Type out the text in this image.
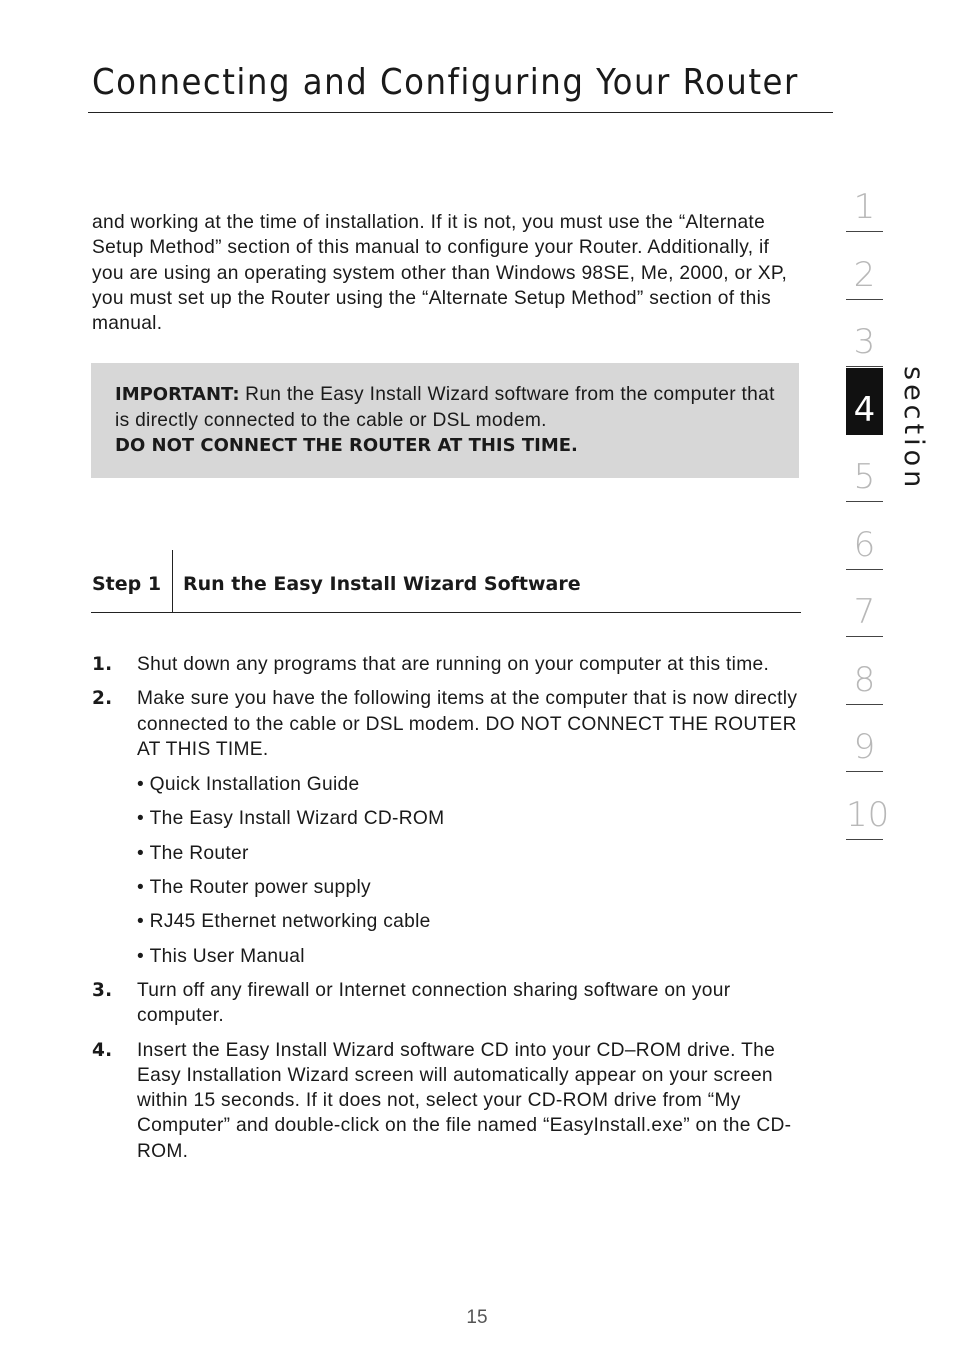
Connecting and Configuring Your Router

and working at the time of installation. If it is not, you must use the “Alternate Setup Method” section of this manual to configure your Router. Additionally, if you are using an operating system other than Windows 98SE, Me, 2000, or XP, you must set up the Router using the “Alternate Setup Method” section of this manual.

IMPORTANT: Run the Easy Install Wizard software from the computer that is directly connected to the cable or DSL modem.
DO NOT CONNECT THE ROUTER AT THIS TIME.
Step 1 Run the Easy Install Wizard Software
1. Shut down any programs that are running on your computer at this time.
2. Make sure you have the following items at the computer that is now directly connected to the cable or DSL modem. DO NOT CONNECT THE ROUTER AT THIS TIME.
• Quick Installation Guide
• The Easy Install Wizard CD-ROM
• The Router
• The Router power supply
• RJ45 Ethernet networking cable
• This User Manual
3. Turn off any firewall or Internet connection sharing software on your computer.
4. Insert the Easy Install Wizard software CD into your CD–ROM drive. The Easy Installation Wizard screen will automatically appear on your screen within 15 seconds. If it does not, select your CD-ROM drive from “My Computer” and double-click on the file named “EasyInstall.exe” on the CD-ROM.
1
2
3
4
5
6
7
8
9
10
section
15
